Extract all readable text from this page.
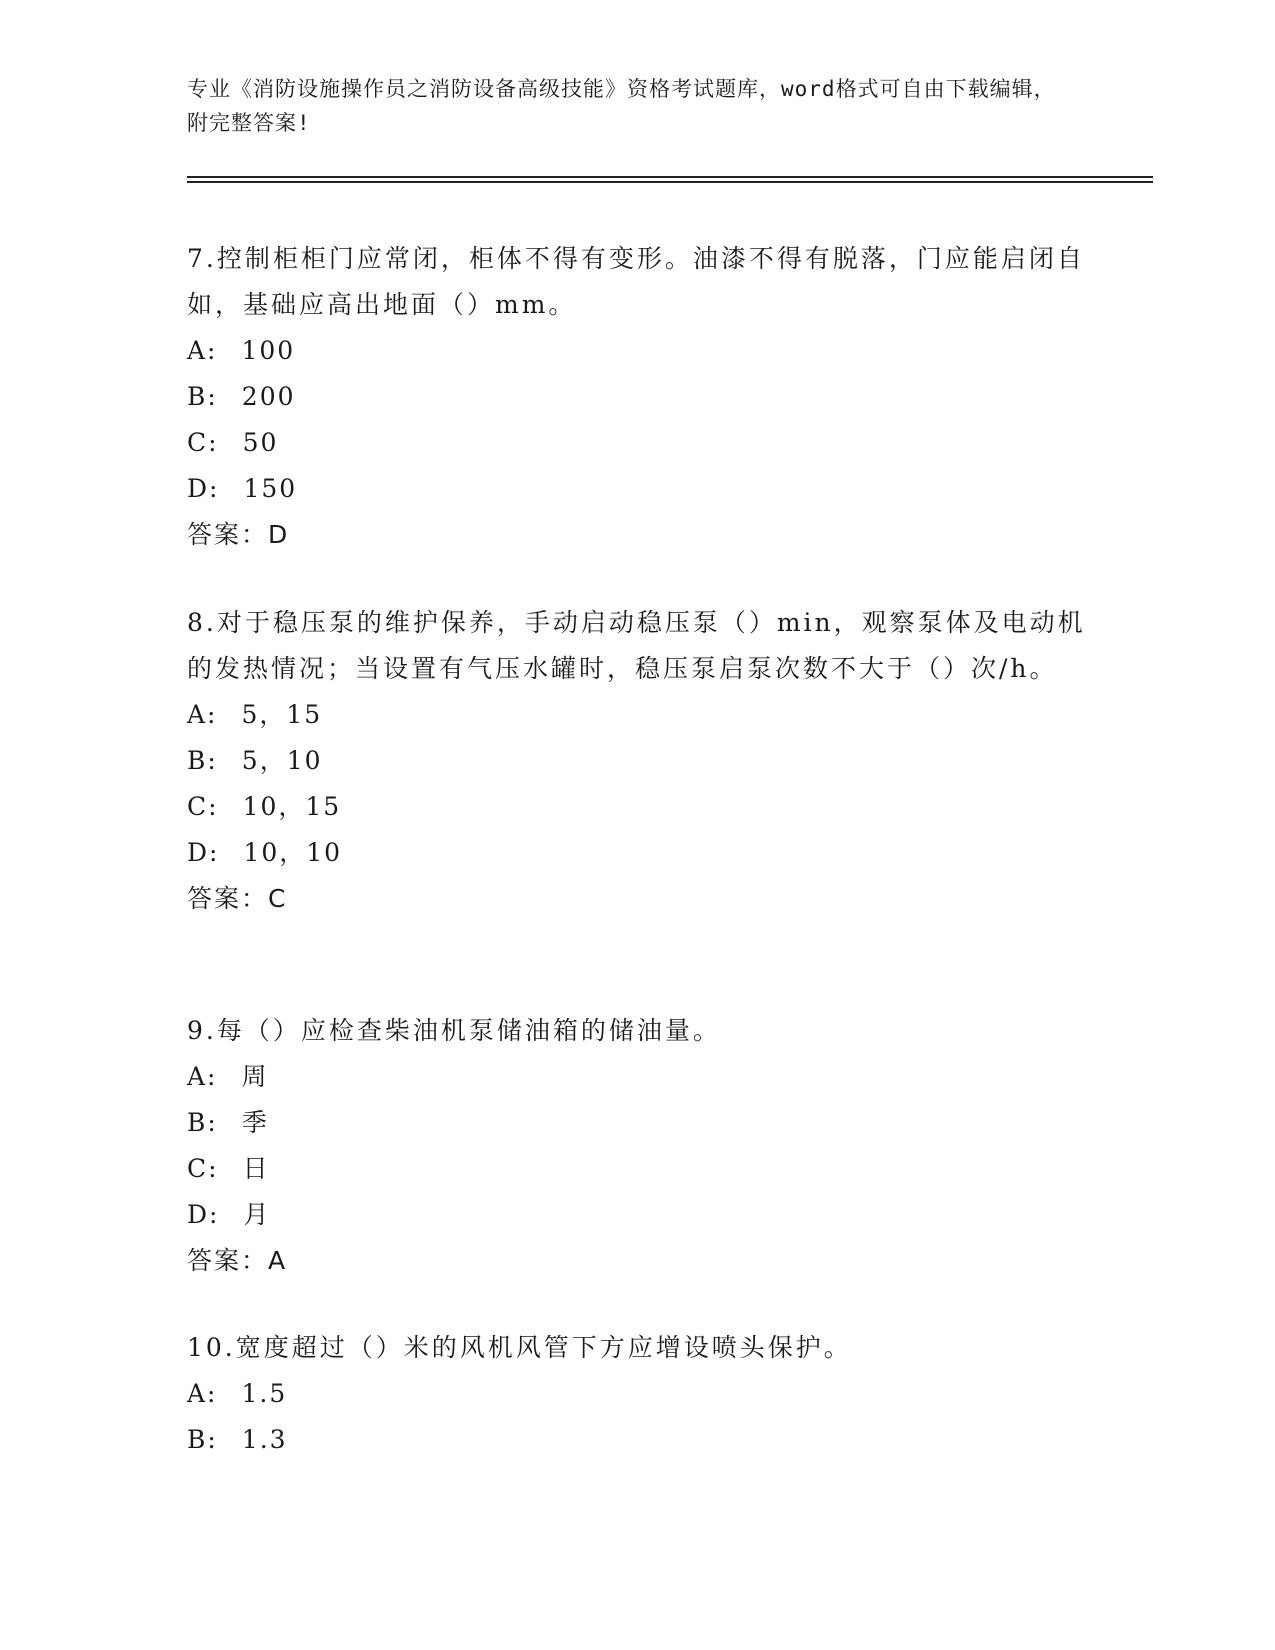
专业《消防设施操作员之消防设备高级技能》资格考试题库，word格式可自由下载编辑，附完整答案!

7.控制柜柜门应常闭，柜体不得有变形。油漆不得有脱落，门应能启闭自如，基础应高出地面（）mm。

A: 100

B: 200

C: 50

D: 150

答案：D

8.对于稳压泵的维护保养，手动启动稳压泵（）min，观察泵体及电动机的发热情况；当设置有气压水罐时，稳压泵启泵次数不大于（）次/h。

A: 5，15

B: 5，10

C: 10，15

D: 10，10

答案：C

9.每（）应检查柴油机泵储油箱的储油量。

A: 周

B: 季

C: 日

D: 月

答案：A

10.宽度超过（）米的风机风管下方应增设喷头保护。

A: 1.5

B: 1.3
